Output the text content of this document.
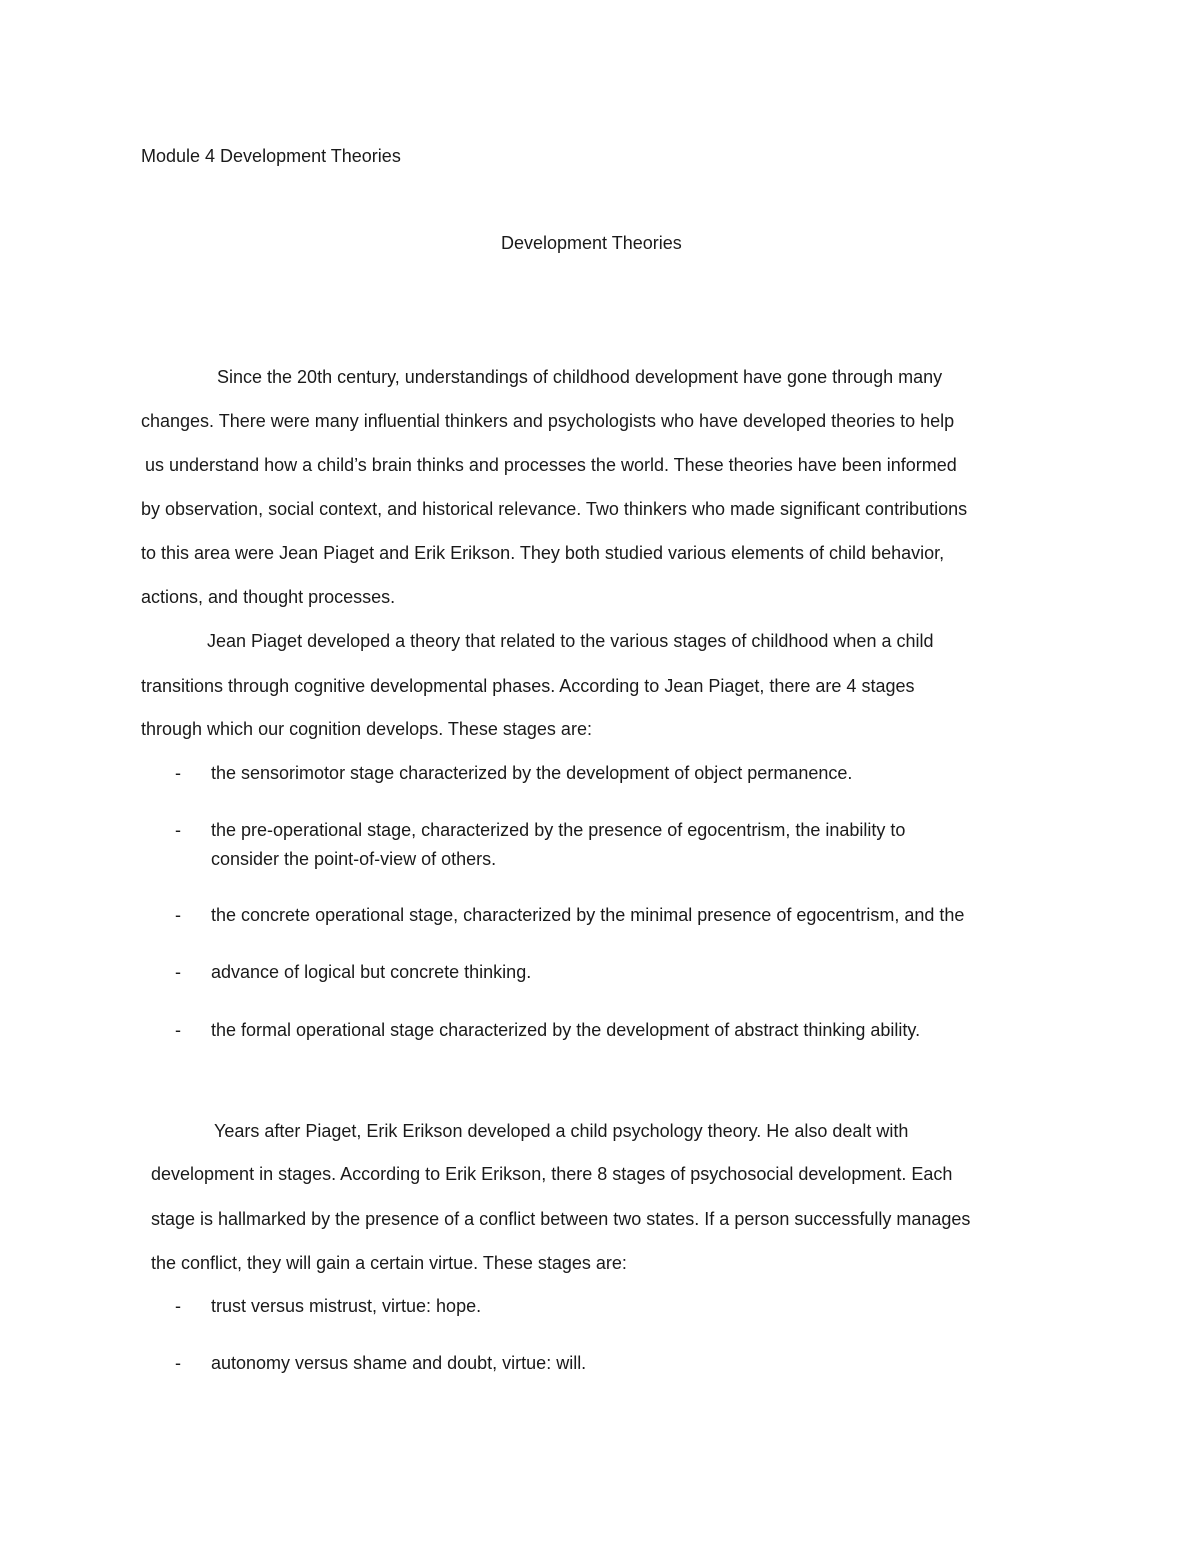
Module 4 Development Theories
Development Theories
Since the 20th century, understandings of childhood development have gone through many
changes. There were many influential thinkers and psychologists who have developed theories to help
us understand how a child’s brain thinks and processes the world. These theories have been informed
by observation, social context, and historical relevance. Two thinkers who made significant contributions
to this area were Jean Piaget and Erik Erikson. They both studied various elements of child behavior,
actions, and thought processes.
Jean Piaget developed a theory that related to the various stages of childhood when a child
transitions through cognitive developmental phases. According to Jean Piaget, there are 4 stages
through which our cognition develops. These stages are:
- the sensorimotor stage characterized by the development of object permanence.
- the pre-operational stage, characterized by the presence of egocentrism, the inability to
consider the point-of-view of others.
- the concrete operational stage, characterized by the minimal presence of egocentrism, and the
- advance of logical but concrete thinking.
- the formal operational stage characterized by the development of abstract thinking ability.
Years after Piaget, Erik Erikson developed a child psychology theory. He also dealt with
development in stages. According to Erik Erikson, there 8 stages of psychosocial development. Each
stage is hallmarked by the presence of a conflict between two states. If a person successfully manages
the conflict, they will gain a certain virtue. These stages are:
- trust versus mistrust, virtue: hope.
- autonomy versus shame and doubt, virtue: will.
